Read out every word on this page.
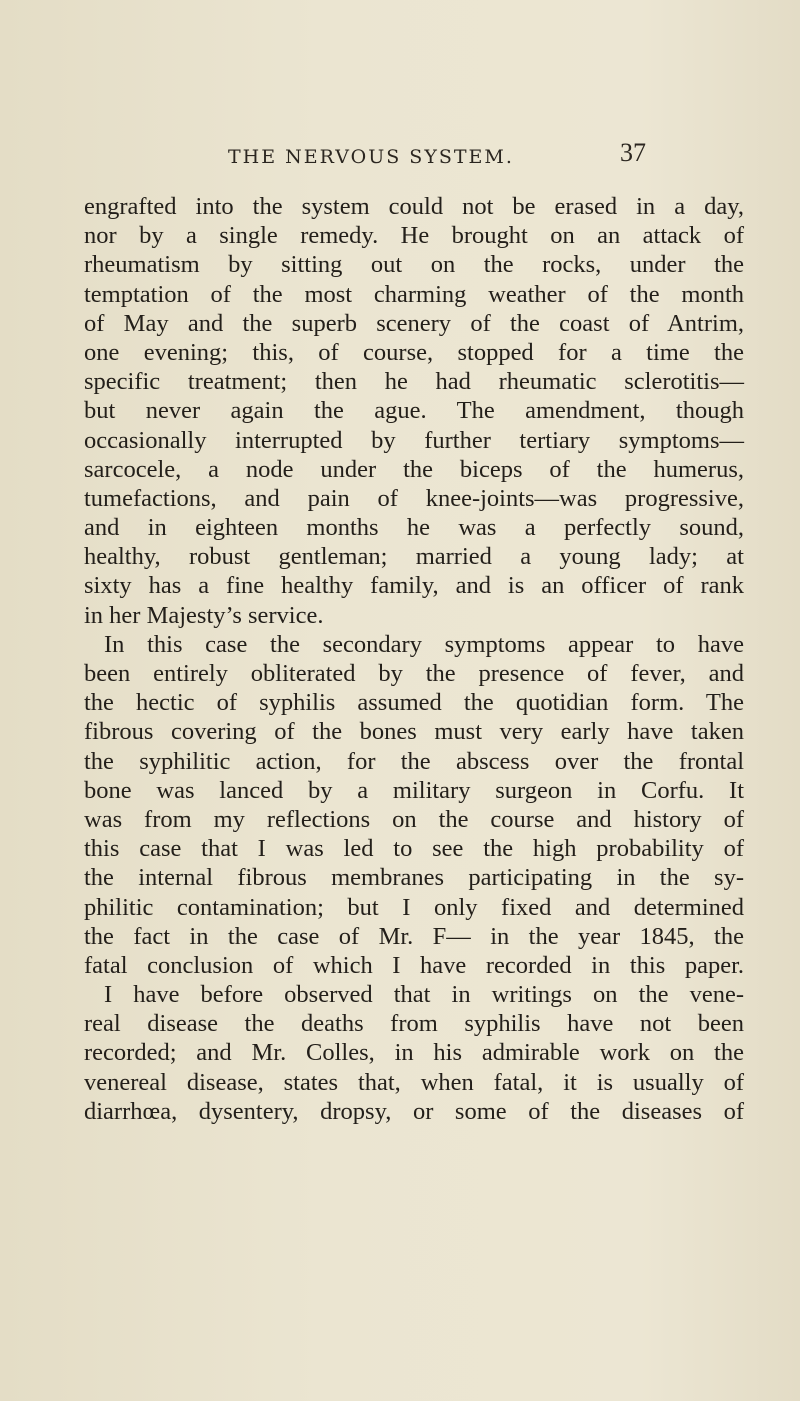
THE NERVOUS SYSTEM.	37
engrafted into the system could not be erased in a day,
nor by a single remedy. He brought on an attack of
rheumatism by sitting out on the rocks, under the
temptation of the most charming weather of the month
of May and the superb scenery of the coast of Antrim,
one evening; this, of course, stopped for a time the
specific treatment; then he had rheumatic sclerotitis—
but never again the ague. The amendment, though
occasionally interrupted by further tertiary symptoms—
sarcocele, a node under the biceps of the humerus,
tumefactions, and pain of knee-joints—was progressive,
and in eighteen months he was a perfectly sound,
healthy, robust gentleman; married a young lady; at
sixty has a fine healthy family, and is an officer of rank
in her Majesty’s service.
In this case the secondary symptoms appear to have
been entirely obliterated by the presence of fever, and
the hectic of syphilis assumed the quotidian form. The
fibrous covering of the bones must very early have taken
the syphilitic action, for the abscess over the frontal
bone was lanced by a military surgeon in Corfu. It
was from my reflections on the course and history of
this case that I was led to see the high probability of
the internal fibrous membranes participating in the sy-
philitic contamination; but I only fixed and determined
the fact in the case of Mr. F— in the year 1845, the
fatal conclusion of which I have recorded in this paper.
I have before observed that in writings on the vene-
real disease the deaths from syphilis have not been
recorded; and Mr. Colles, in his admirable work on the
venereal disease, states that, when fatal, it is usually of
diarrhœa, dysentery, dropsy, or some of the diseases of
